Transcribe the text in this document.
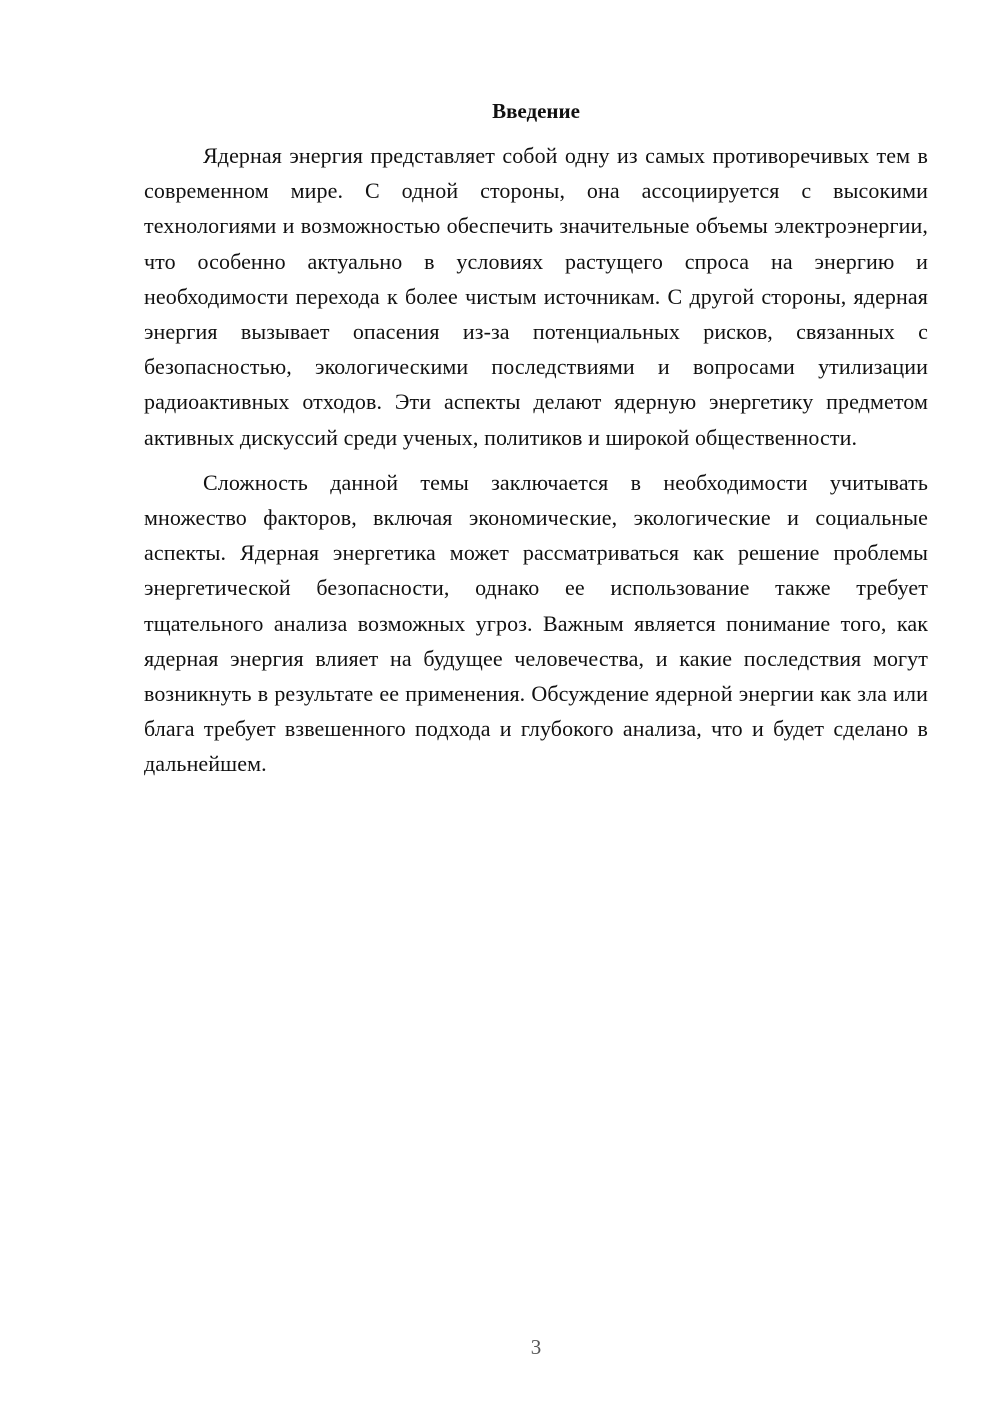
Введение

Ядерная энергия представляет собой одну из самых противоречивых тем в современном мире. С одной стороны, она ассоциируется с высокими технологиями и возможностью обеспечить значительные объемы электроэнергии, что особенно актуально в условиях растущего спроса на энергию и необходимости перехода к более чистым источникам. С другой стороны, ядерная энергия вызывает опасения из-за потенциальных рисков, связанных с безопасностью, экологическими последствиями и вопросами утилизации радиоактивных отходов. Эти аспекты делают ядерную энергетику предметом активных дискуссий среди ученых, политиков и широкой общественности.

Сложность данной темы заключается в необходимости учитывать множество факторов, включая экономические, экологические и социальные аспекты. Ядерная энергетика может рассматриваться как решение проблемы энергетической безопасности, однако ее использование также требует тщательного анализа возможных угроз. Важным является понимание того, как ядерная энергия влияет на будущее человечества, и какие последствия могут возникнуть в результате ее применения. Обсуждение ядерной энергии как зла или блага требует взвешенного подхода и глубокого анализа, что и будет сделано в дальнейшем.

3
